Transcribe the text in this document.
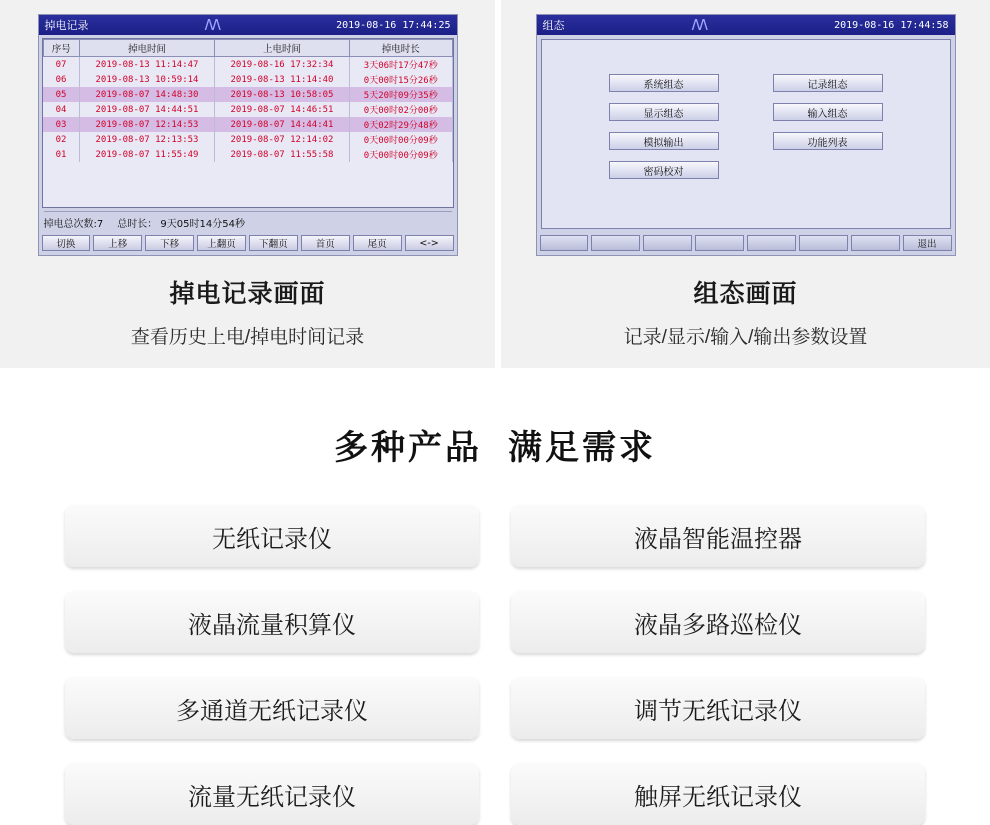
掉电记录	/\/\	2019-08-16 17:44:25
序号	掉电时间	上电时间	掉电时长
07	2019-08-13 11:14:47	2019-08-16 17:32:34	3天06时17分47秒
06	2019-08-13 10:59:14	2019-08-13 11:14:40	0天00时15分26秒
05	2019-08-07 14:48:30	2019-08-13 10:58:05	5天20时09分35秒
04	2019-08-07 14:44:51	2019-08-07 14:46:51	0天00时02分00秒
03	2019-08-07 12:14:53	2019-08-07 14:44:41	0天02时29分48秒
02	2019-08-07 12:13:53	2019-08-07 12:14:02	0天00时00分09秒
01	2019-08-07 11:55:49	2019-08-07 11:55:58	0天00时00分09秒
掉电总次数:7 总时长： 9天05时14分54秒
切换	上移	下移	上翻页	下翻页	首页	尾页	<->
掉电记录画面
查看历史上电/掉电时间记录
组态	/\/\	2019-08-16 17:44:58
系统组态	记录组态
显示组态	输入组态
模拟输出	功能列表
密码校对
退出
组态画面
记录/显示/输入/输出参数设置
多种产品 满足需求
无纸记录仪	液晶智能温控器
液晶流量积算仪	液晶多路巡检仪
多通道无纸记录仪	调节无纸记录仪
流量无纸记录仪	触屏无纸记录仪
